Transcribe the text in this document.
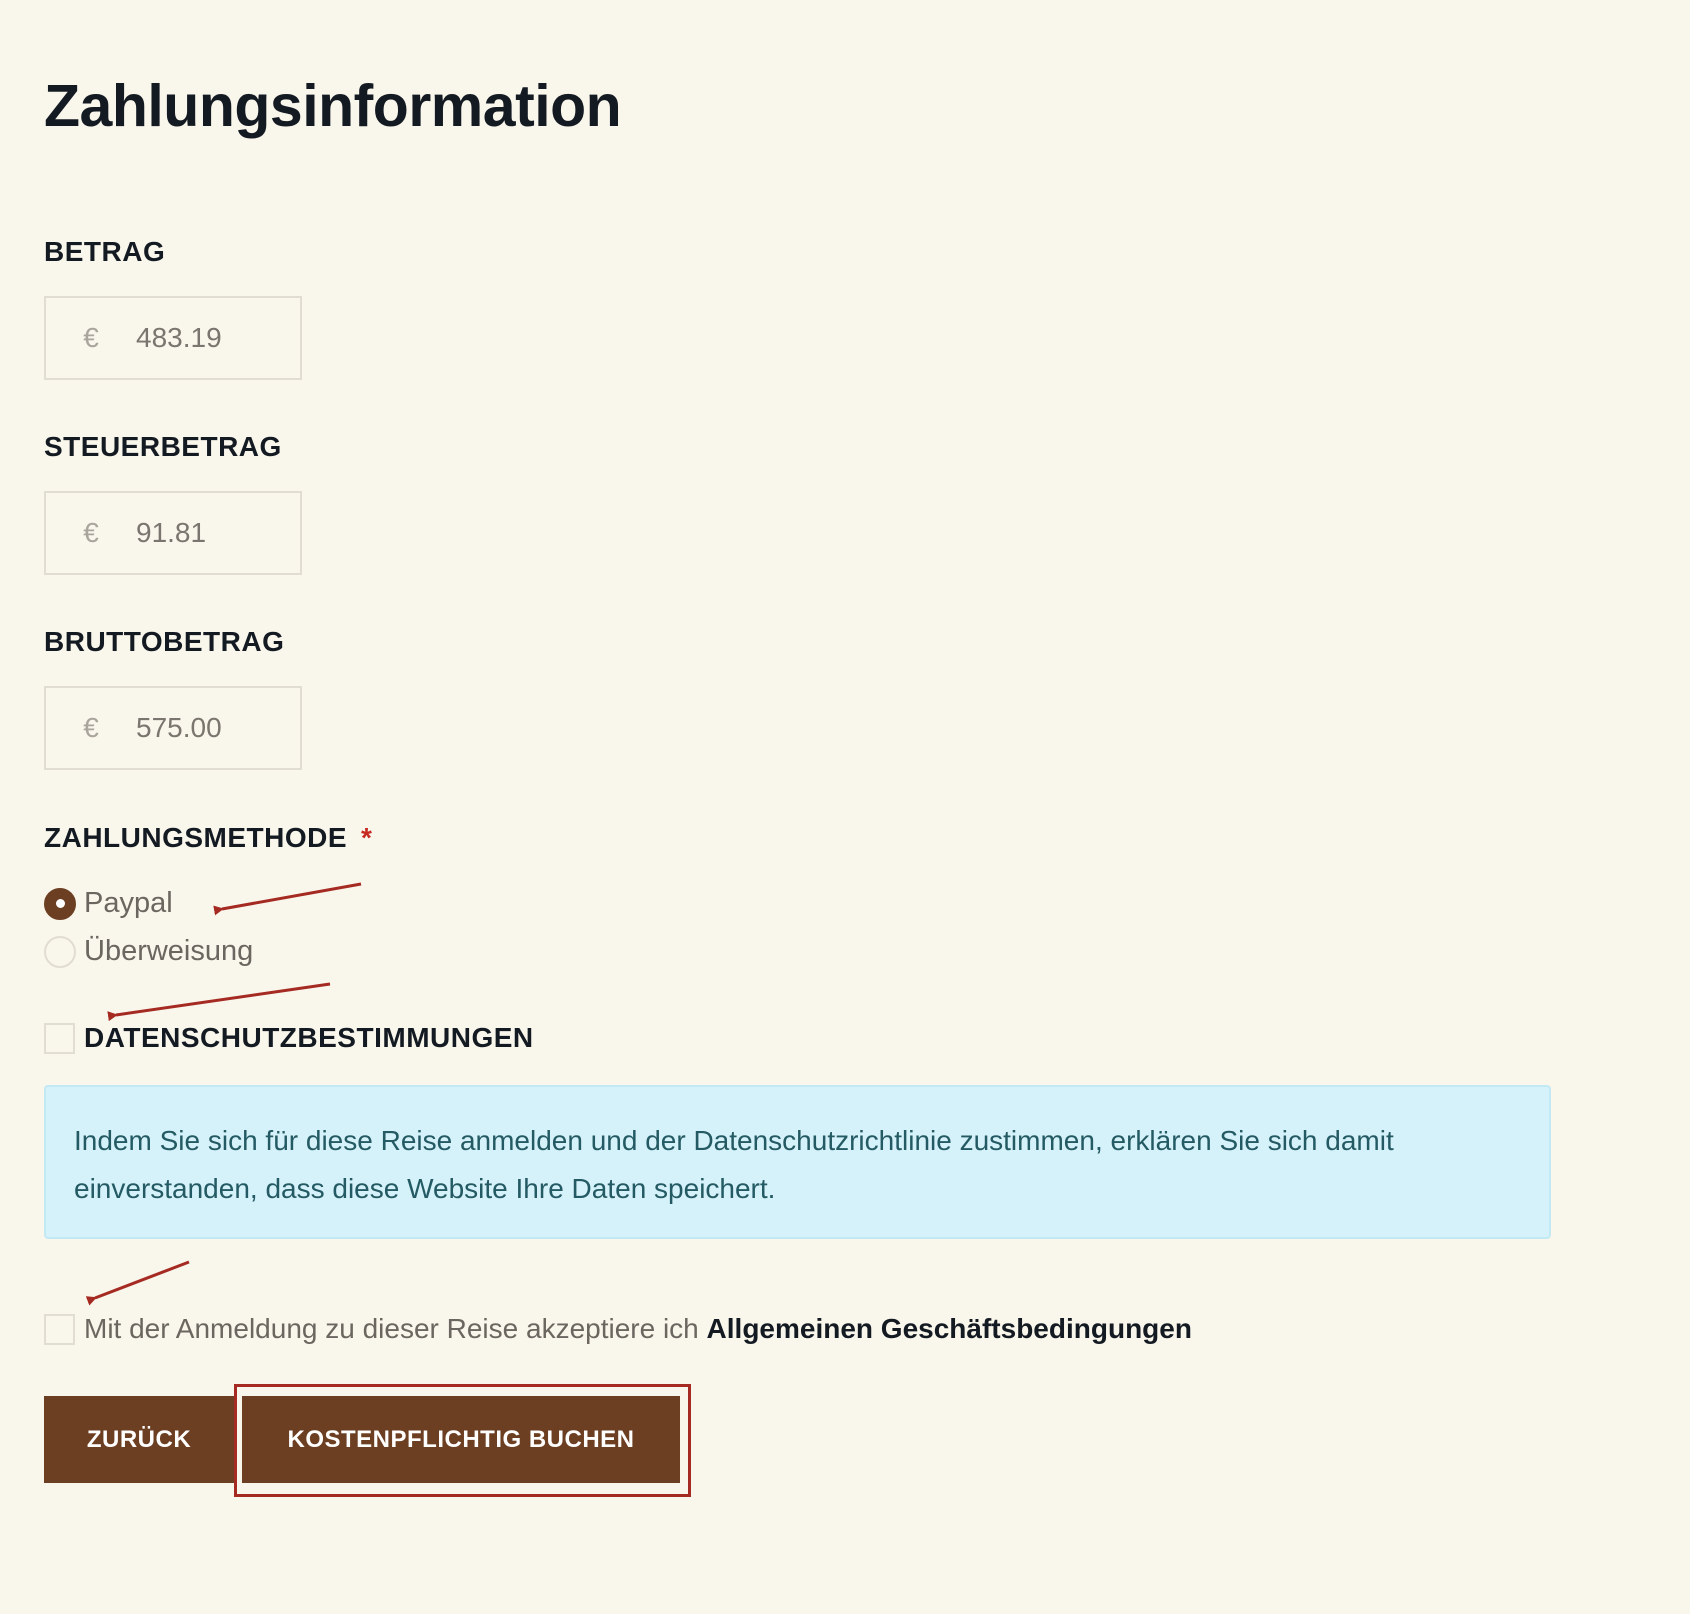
Zahlungsinformation
BETRAG
€	483.19
STEUERBETRAG
€	91.81
BRUTTOBETRAG
€	575.00
ZAHLUNGSMETHODE *
Paypal
Überweisung
DATENSCHUTZBESTIMMUNGEN
Indem Sie sich für diese Reise anmelden und der Datenschutzrichtlinie zustimmen, erklären Sie sich damit einverstanden, dass diese Website Ihre Daten speichert.
Mit der Anmeldung zu dieser Reise akzeptiere ich Allgemeinen Geschäftsbedingungen
ZURÜCK	KOSTENPFLICHTIG BUCHEN
